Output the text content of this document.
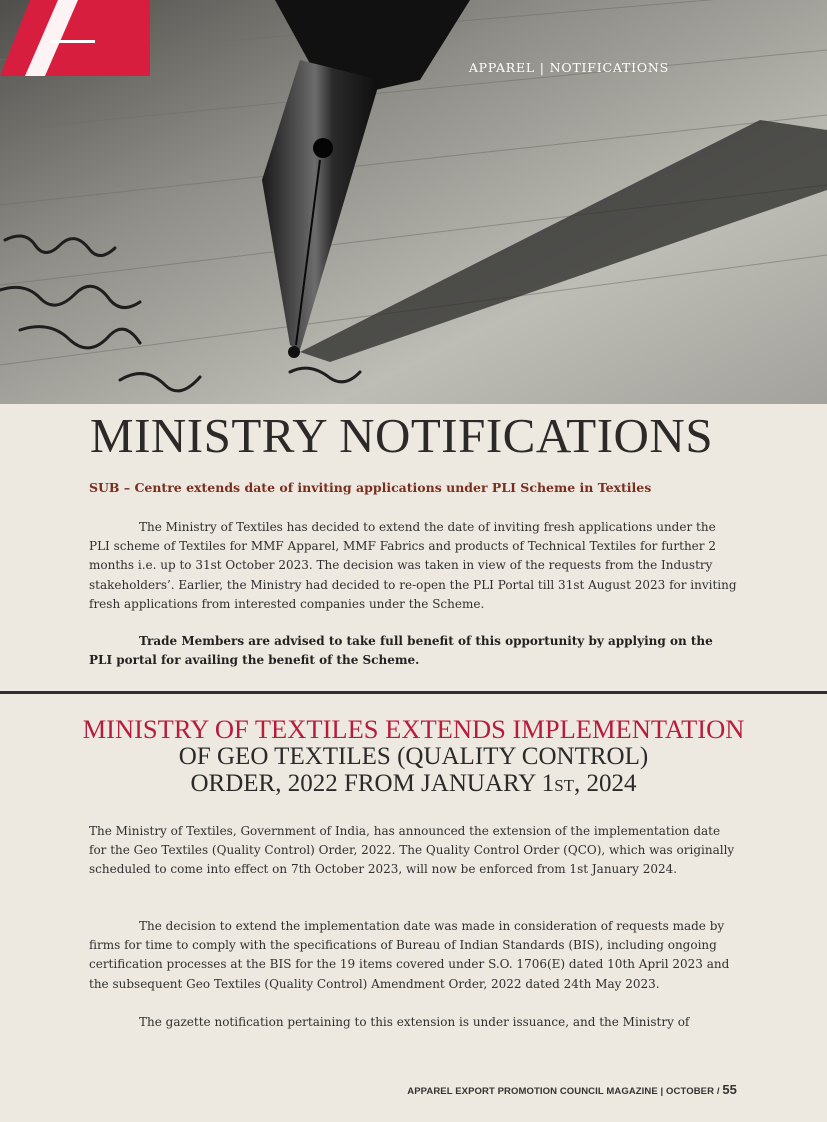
APPAREL | NOTIFICATIONS
MINISTRY NOTIFICATIONS
SUB – Centre extends date of inviting applications under PLI Scheme in Textiles

The Ministry of Textiles has decided to extend the date of inviting fresh applications under the PLI scheme of Textiles for MMF Apparel, MMF Fabrics and products of Technical Textiles for further 2 months i.e. up to 31st October 2023. The decision was taken in view of the requests from the Industry stakeholders’. Earlier, the Ministry had decided to re-open the PLI Portal till 31st August 2023 for inviting fresh applications from interested companies under the Scheme.

Trade Members are advised to take full benefit of this opportunity by applying on the PLI portal for availing the benefit of the Scheme.

MINISTRY OF TEXTILES EXTENDS IMPLEMENTATION
OF GEO TEXTILES (QUALITY CONTROL)
ORDER, 2022 FROM JANUARY 1ST, 2024

The Ministry of Textiles, Government of India, has announced the extension of the implementation date for the Geo Textiles (Quality Control) Order, 2022. The Quality Control Order (QCO), which was originally scheduled to come into effect on 7th October 2023, will now be enforced from 1st January 2024.

The decision to extend the implementation date was made in consideration of requests made by firms for time to comply with the specifications of Bureau of Indian Standards (BIS), including ongoing certification processes at the BIS for the 19 items covered under S.O. 1706(E) dated 10th April 2023 and the subsequent Geo Textiles (Quality Control) Amendment Order, 2022 dated 24th May 2023.

The gazette notification pertaining to this extension is under issuance, and the Ministry of

APPAREL EXPORT PROMOTION COUNCIL MAGAZINE | OCTOBER / 55
